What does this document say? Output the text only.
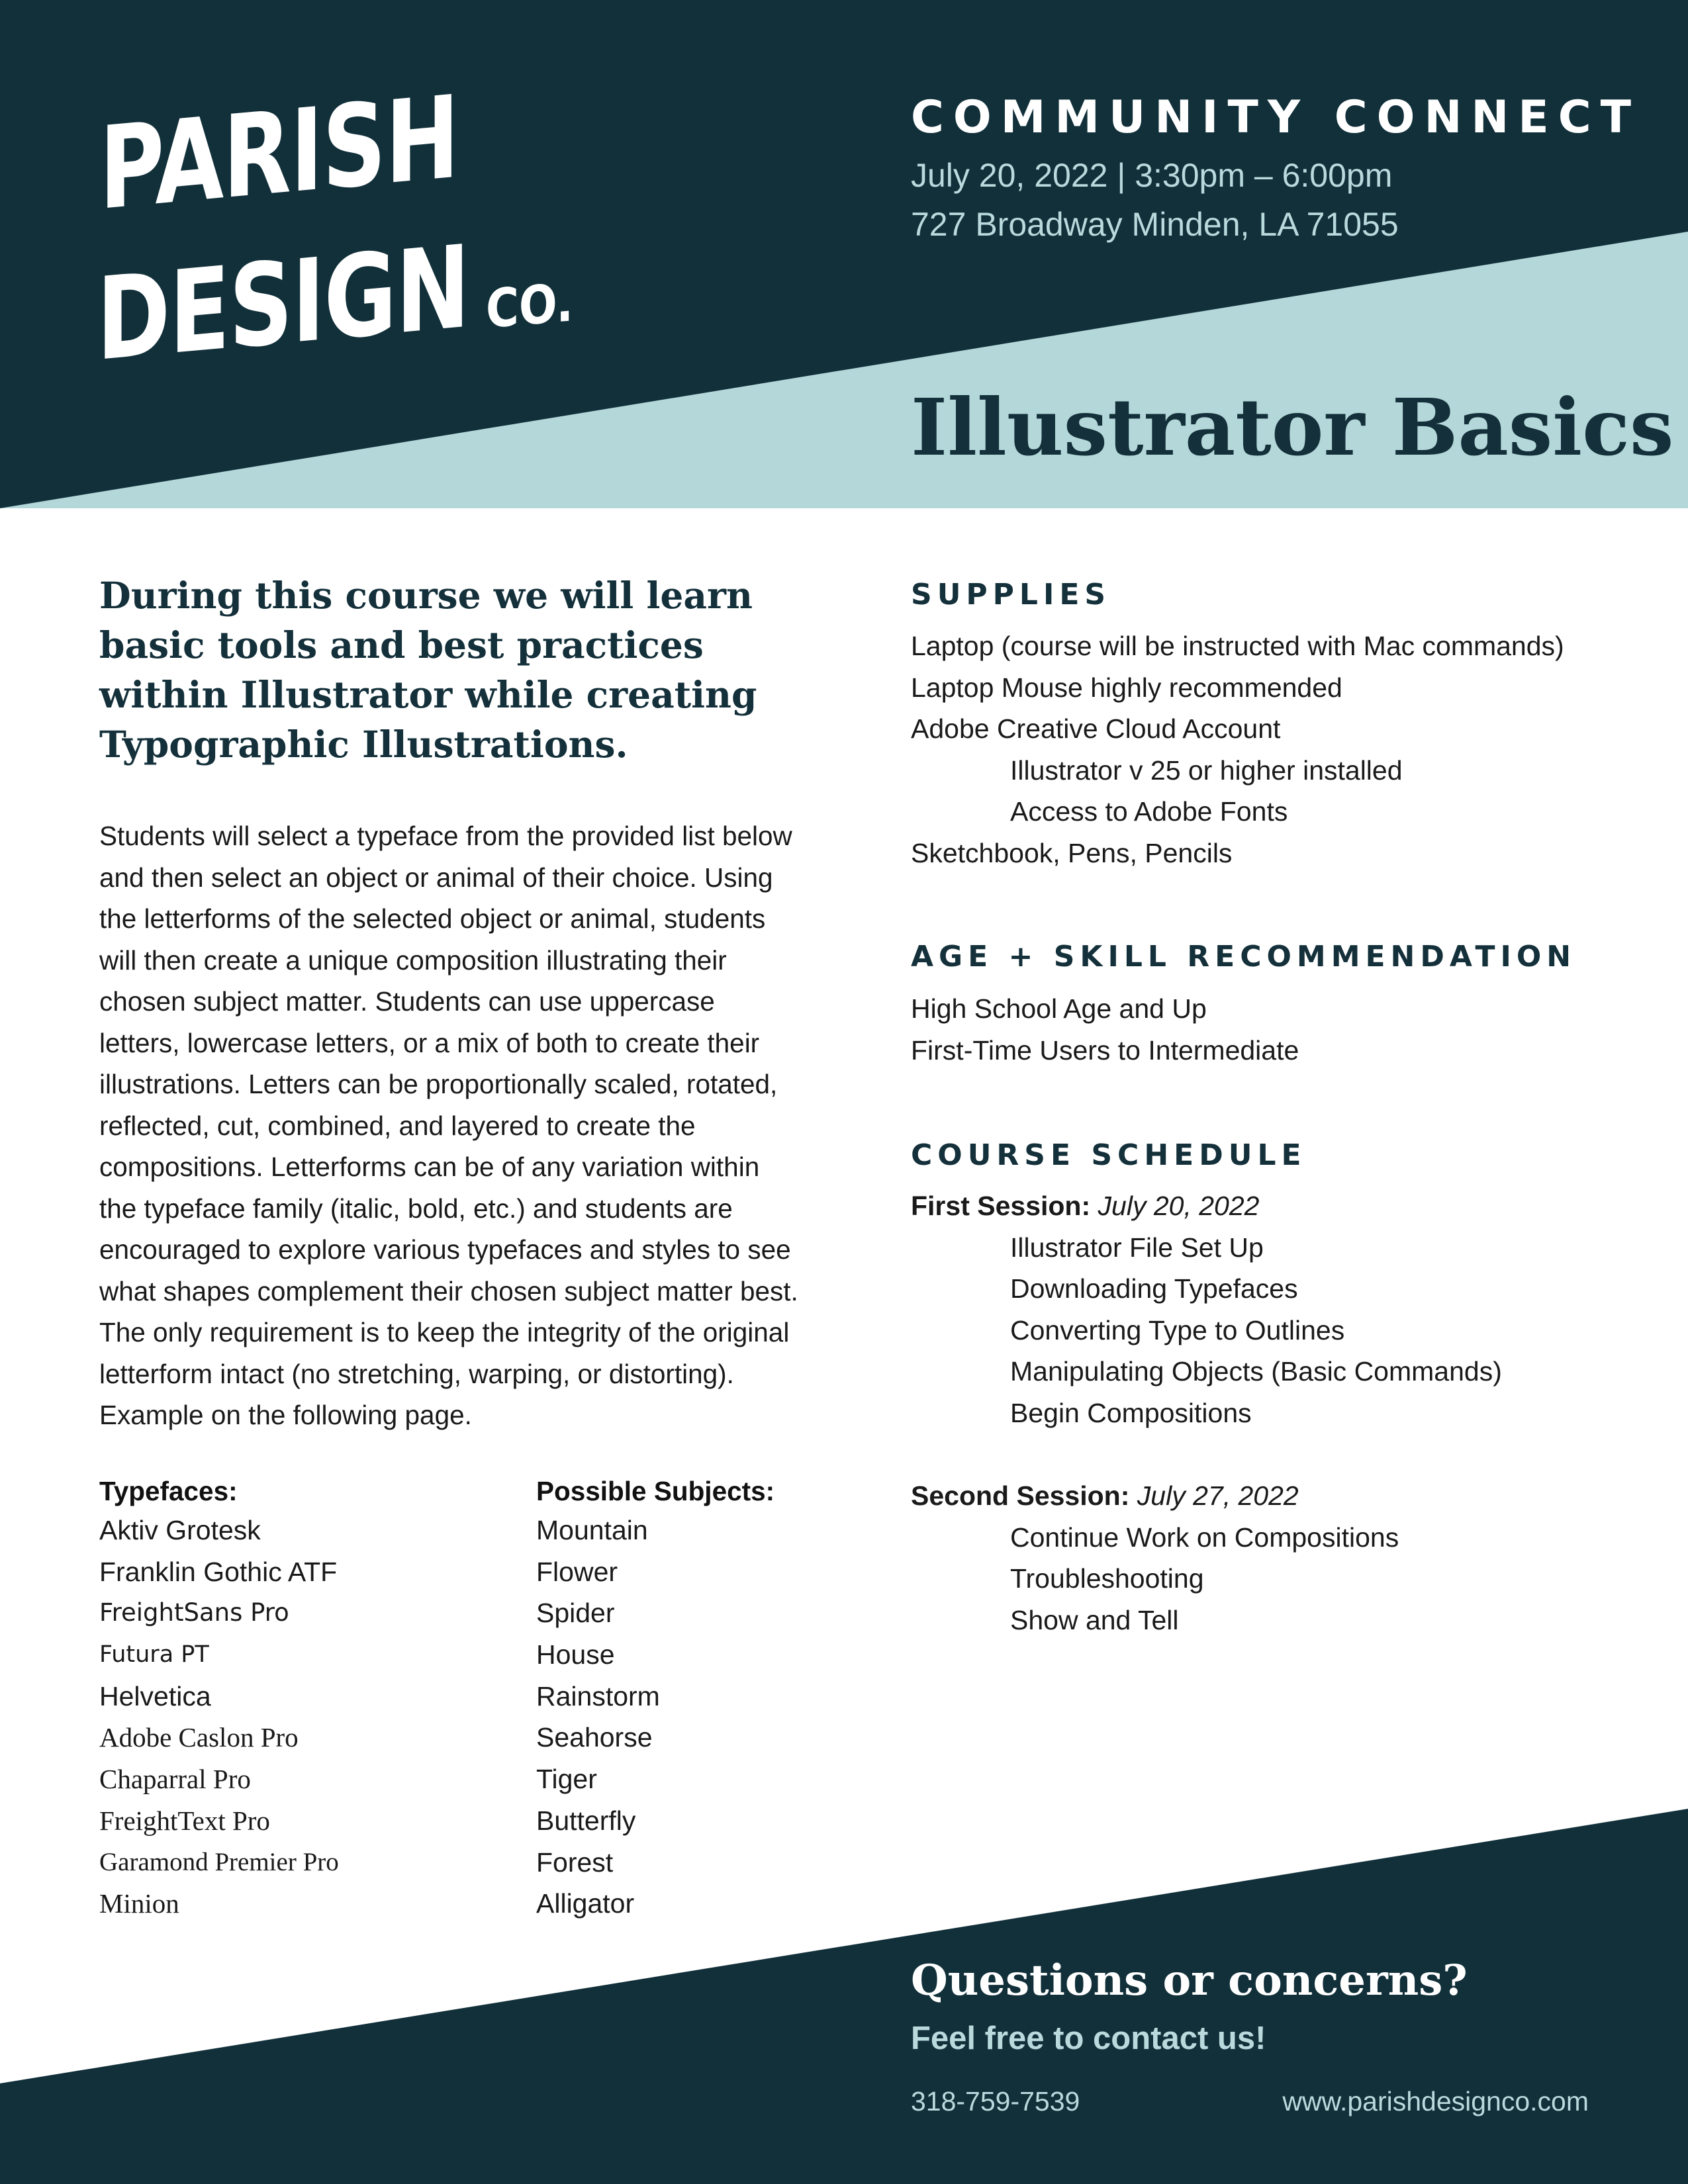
PARISH
DESIGN CO.
COMMUNITY CONNECT
July 20, 2022 | 3:30pm – 6:00pm
727 Broadway Minden, LA 71055
Illustrator Basics
During this course we will learn
basic tools and best practices
within Illustrator while creating
Typographic Illustrations.
Students will select a typeface from the provided list below and then select an object or animal of their choice. Using the letterforms of the selected object or animal, students will then create a unique composition illustrating their chosen subject matter. Students can use uppercase letters, lowercase letters, or a mix of both to create their illustrations. Letters can be proportionally scaled, rotated, reflected, cut, combined, and layered to create the compositions. Letterforms can be of any variation within the typeface family (italic, bold, etc.) and students are encouraged to explore various typefaces and styles to see what shapes complement their chosen subject matter best. The only requirement is to keep the integrity of the original letterform intact (no stretching, warping, or distorting). Example on the following page.
Typefaces:
Aktiv Grotesk
Franklin Gothic ATF
FreightSans Pro
Futura PT
Helvetica
Adobe Caslon Pro
Chaparral Pro
FreightText Pro
Garamond Premier Pro
Minion
Possible Subjects:
Mountain
Flower
Spider
House
Rainstorm
Seahorse
Tiger
Butterfly
Forest
Alligator
SUPPLIES
Laptop (course will be instructed with Mac commands)
Laptop Mouse highly recommended
Adobe Creative Cloud Account
Illustrator v 25 or higher installed
Access to Adobe Fonts
Sketchbook, Pens, Pencils
AGE + SKILL RECOMMENDATION
High School Age and Up
First-Time Users to Intermediate
COURSE SCHEDULE
First Session: July 20, 2022
Illustrator File Set Up
Downloading Typefaces
Converting Type to Outlines
Manipulating Objects (Basic Commands)
Begin Compositions
Second Session: July 27, 2022
Continue Work on Compositions
Troubleshooting
Show and Tell
Questions or concerns?
Feel free to contact us!
318-759-7539	www.parishdesignco.com
